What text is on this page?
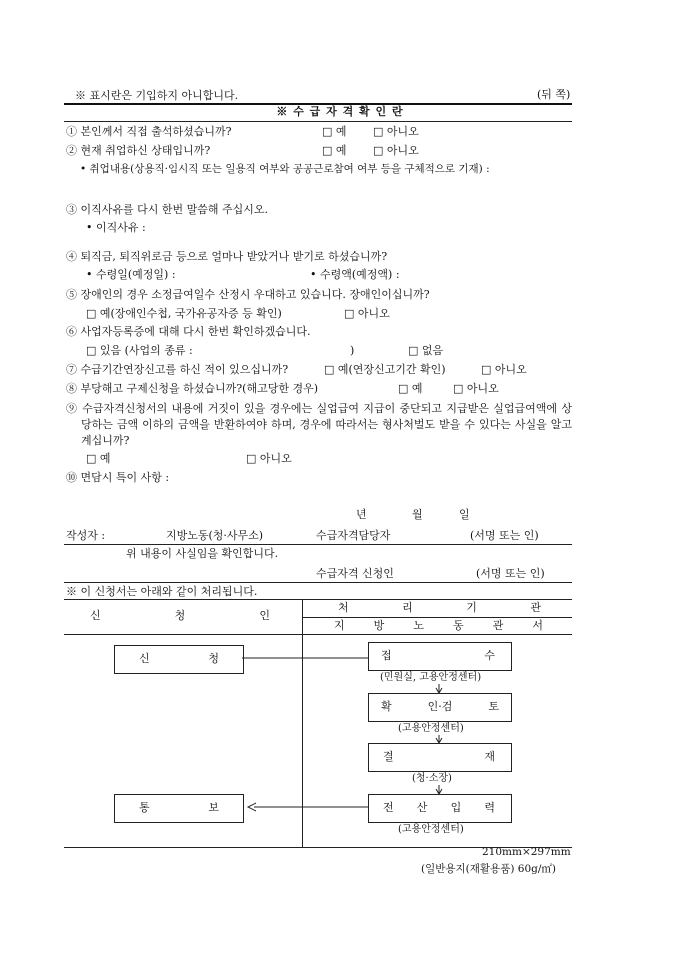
※ 표시란은 기입하지 아니합니다.	(뒤 쪽)
※ 수 급 자 격 확 인 란
① 본인께서 직접 출석하셨습니까?	□ 예 □ 아니오
② 현재 취업하신 상태입니까?	□ 예 □ 아니오
• 취업내용(상용직·임시직 또는 일용직 여부와 공공근로참여 여부 등을 구체적으로 기재) :
③ 이직사유를 다시 한번 말씀해 주십시오.
• 이직사유 :
④ 퇴직금, 퇴직위로금 등으로 얼마나 받았거나 받기로 하셨습니까?
• 수령일(예정일) :	• 수령액(예정액) :
⑤ 장애인의 경우 소정급여일수 산정시 우대하고 있습니다. 장애인이십니까?
□ 예(장애인수첩, 국가유공자증 등 확인)	□ 아니오
⑥ 사업자등록증에 대해 다시 한번 확인하겠습니다.
□ 있음 (사업의 종류 :	)	□ 없음
⑦ 수급기간연장신고를 하신 적이 있으십니까?	□ 예(연장신고기간 확인)	□ 아니오
⑧ 부당해고 구제신청을 하셨습니까?(해고당한 경우)	□ 예	□ 아니오
⑨ 수급자격신청서의 내용에 거짓이 있을 경우에는 실업급여 지급이 중단되고 지급받은 실업급여액에 상당하는 금액 이하의 금액을 반환하여야 하며, 경우에 따라서는 형사처벌도 받을 수 있다는 사실을 알고 계십니까?
□ 예	□ 아니오
⑩ 면담시 특이 사항 :
년	월	일
작성자 :	지방노동(청·사무소)	수급자격담당자	(서명 또는 인)
위 내용이 사실임을 확인합니다.
수급자격 신청인	(서명 또는 인)
※ 이 신청서는 아래와 같이 처리됩니다.
신	청	인
처	리	기	관
지	방	노	동	관	서
신	청
통	보
접	수
(민원실, 고용안정센터)
확	인·검	토
(고용안정센터)
결	재
(청·소장)
전 산 입 력
(고용안정센터)
210mm×297mm
(일반용지(재활용품) 60g/㎡)
